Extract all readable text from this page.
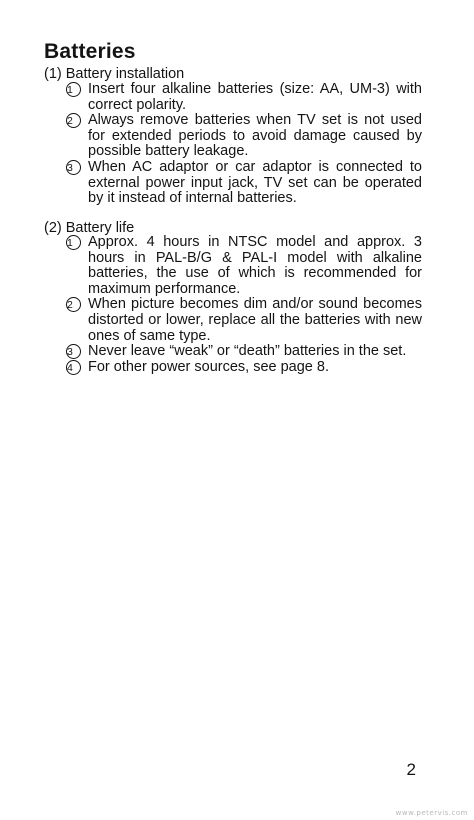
Batteries

(1) Battery installation

1	Insert four alkaline batteries (size: AA, UM-3) with correct polarity.
2	Always remove batteries when TV set is not used for extended periods to avoid damage caused by possible battery leakage.
3	When AC adaptor or car adaptor is connected to external power input jack, TV set can be operated by it instead of internal batteries.

(2) Battery life

1	Approx. 4 hours in NTSC model and approx. 3 hours in PAL-B/G & PAL-I model with alkaline batteries, the use of which is recommended for maximum performance.
2	When picture becomes dim and/or sound becomes distorted or lower, replace all the batteries with new ones of same type.
3	Never leave “weak” or “death” batteries in the set.
4	For other power sources, see page 8.
2
www.petervis.com
